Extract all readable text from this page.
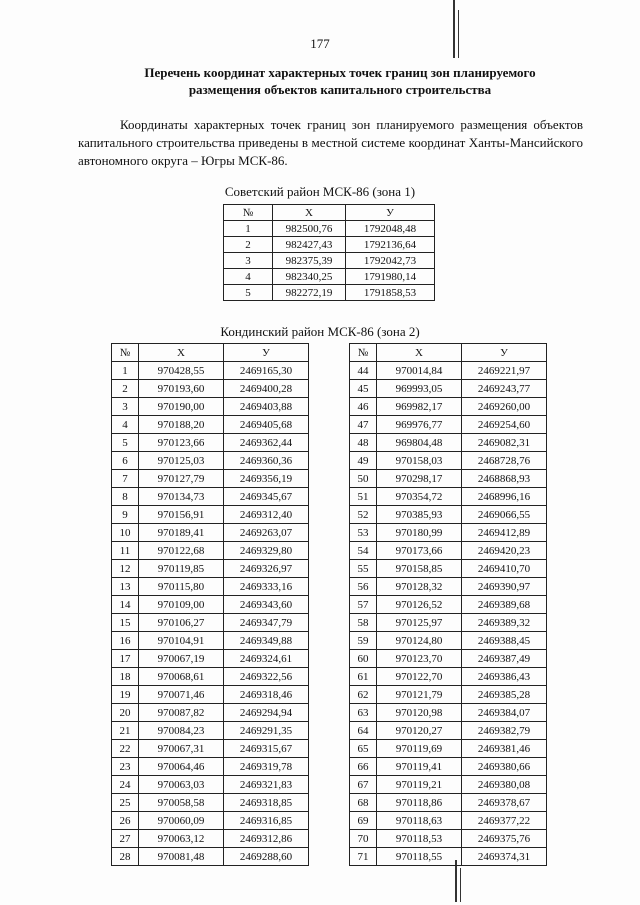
177
Перечень координат характерных точек границ зон планируемого
размещения объектов капитального строительства
Координаты характерных точек границ зон планируемого размещения объектов капитального строительства приведены в местной системе координат Ханты-Мансийского автономного округа – Югры МСК-86.
Советский район МСК-86 (зона 1)
№	X	У
1	982500,76	1792048,48
2	982427,43	1792136,64
3	982375,39	1792042,73
4	982340,25	1791980,14
5	982272,19	1791858,53
Кондинский район МСК-86 (зона 2)
№	X	У
1	970428,55	2469165,30
2	970193,60	2469400,28
3	970190,00	2469403,88
4	970188,20	2469405,68
5	970123,66	2469362,44
6	970125,03	2469360,36
7	970127,79	2469356,19
8	970134,73	2469345,67
9	970156,91	2469312,40
10	970189,41	2469263,07
11	970122,68	2469329,80
12	970119,85	2469326,97
13	970115,80	2469333,16
14	970109,00	2469343,60
15	970106,27	2469347,79
16	970104,91	2469349,88
17	970067,19	2469324,61
18	970068,61	2469322,56
19	970071,46	2469318,46
20	970087,82	2469294,94
21	970084,23	2469291,35
22	970067,31	2469315,67
23	970064,46	2469319,78
24	970063,03	2469321,83
25	970058,58	2469318,85
26	970060,09	2469316,85
27	970063,12	2469312,86
28	970081,48	2469288,60
№	X	У
44	970014,84	2469221,97
45	969993,05	2469243,77
46	969982,17	2469260,00
47	969976,77	2469254,60
48	969804,48	2469082,31
49	970158,03	2468728,76
50	970298,17	2468868,93
51	970354,72	2468996,16
52	970385,93	2469066,55
53	970180,99	2469412,89
54	970173,66	2469420,23
55	970158,85	2469410,70
56	970128,32	2469390,97
57	970126,52	2469389,68
58	970125,97	2469389,32
59	970124,80	2469388,45
60	970123,70	2469387,49
61	970122,70	2469386,43
62	970121,79	2469385,28
63	970120,98	2469384,07
64	970120,27	2469382,79
65	970119,69	2469381,46
66	970119,41	2469380,66
67	970119,21	2469380,08
68	970118,86	2469378,67
69	970118,63	2469377,22
70	970118,53	2469375,76
71	970118,55	2469374,31
